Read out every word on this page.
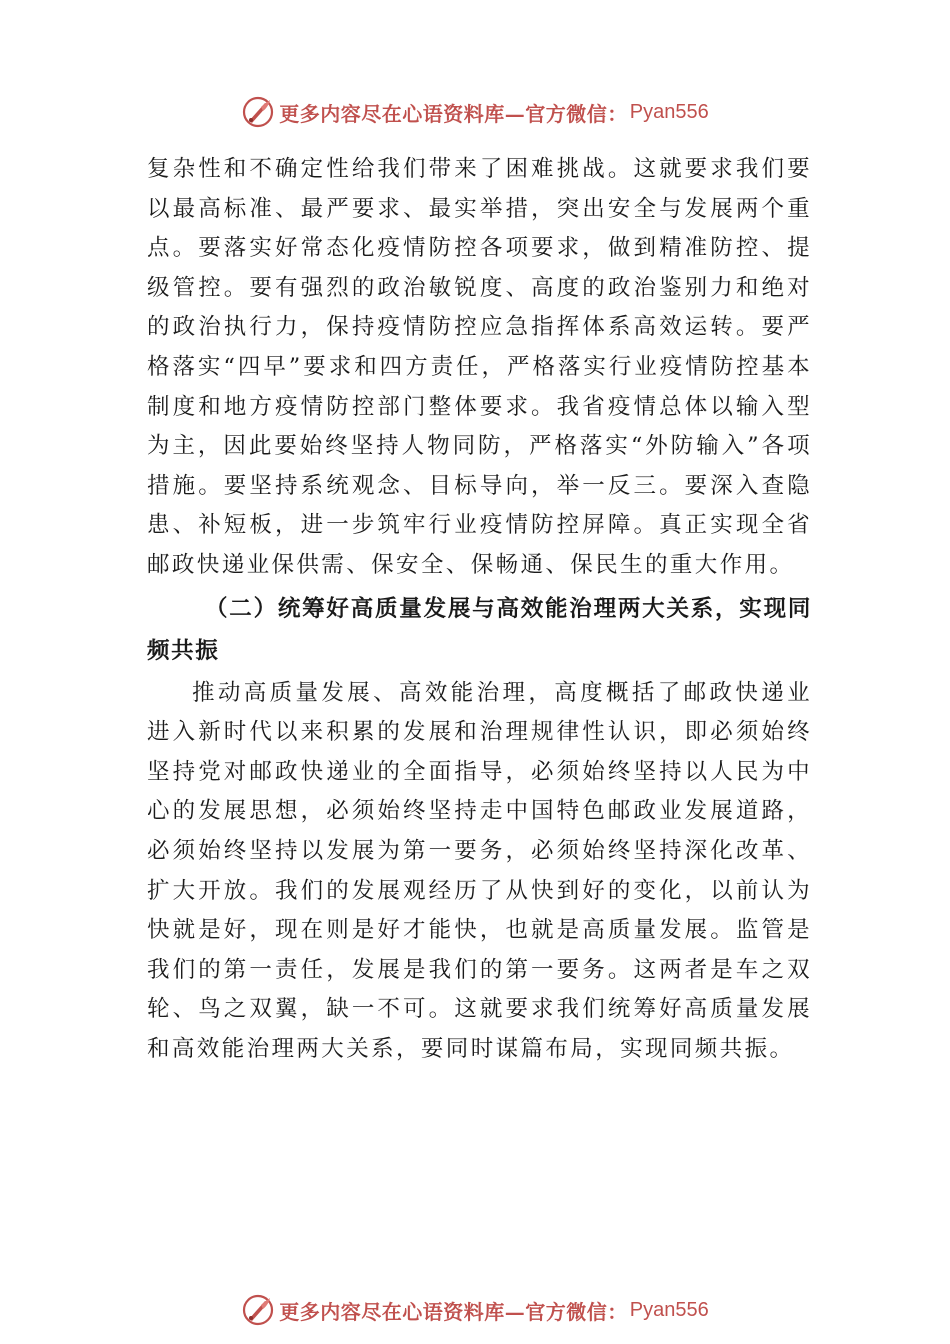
更多内容尽在心语资料库—官方微信： Pyan556

复杂性和不确定性给我们带来了困难挑战。这就要求我们要以最高标准、最严要求、最实举措，突出安全与发展两个重点。要落实好常态化疫情防控各项要求，做到精准防控、提级管控。要有强烈的政治敏锐度、高度的政治鉴别力和绝对的政治执行力，保持疫情防控应急指挥体系高效运转。要严格落实“四早”要求和四方责任，严格落实行业疫情防控基本制度和地方疫情防控部门整体要求。我省疫情总体以输入型为主，因此要始终坚持人物同防，严格落实“外防输入”各项措施。要坚持系统观念、目标导向，举一反三。要深入查隐患、补短板，进一步筑牢行业疫情防控屏障。真正实现全省邮政快递业保供需、保安全、保畅通、保民生的重大作用。

（二）统筹好高质量发展与高效能治理两大关系，实现同频共振

推动高质量发展、高效能治理，高度概括了邮政快递业进入新时代以来积累的发展和治理规律性认识，即必须始终坚持党对邮政快递业的全面指导，必须始终坚持以人民为中心的发展思想，必须始终坚持走中国特色邮政业发展道路，必须始终坚持以发展为第一要务，必须始终坚持深化改革、扩大开放。我们的发展观经历了从快到好的变化，以前认为快就是好，现在则是好才能快，也就是高质量发展。监管是我们的第一责任，发展是我们的第一要务。这两者是车之双轮、鸟之双翼，缺一不可。这就要求我们统筹好高质量发展和高效能治理两大关系，要同时谋篇布局，实现同频共振。

更多内容尽在心语资料库—官方微信： Pyan556
